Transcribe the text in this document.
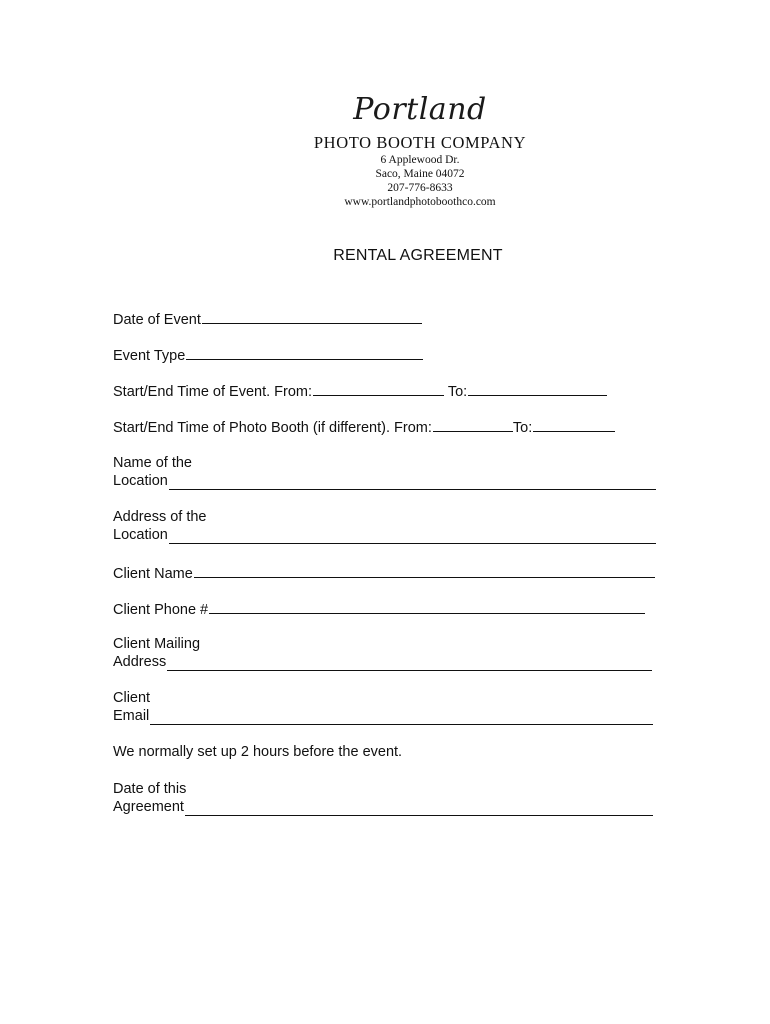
Portland
PHOTO BOOTH COMPANY
6 Applewood Dr.
Saco, Maine 04072
207-776-8633
www.portlandphotoboothco.com
RENTAL AGREEMENT
Date of Event
Event Type
Start/End Time of Event. From:	To:
Start/End Time of Photo Booth (if different). From:	To:
Name of the
Location
Address of the
Location
Client Name
Client Phone #
Client Mailing
Address
Client
Email
We normally set up 2 hours before the event.
Date of this
Agreement
